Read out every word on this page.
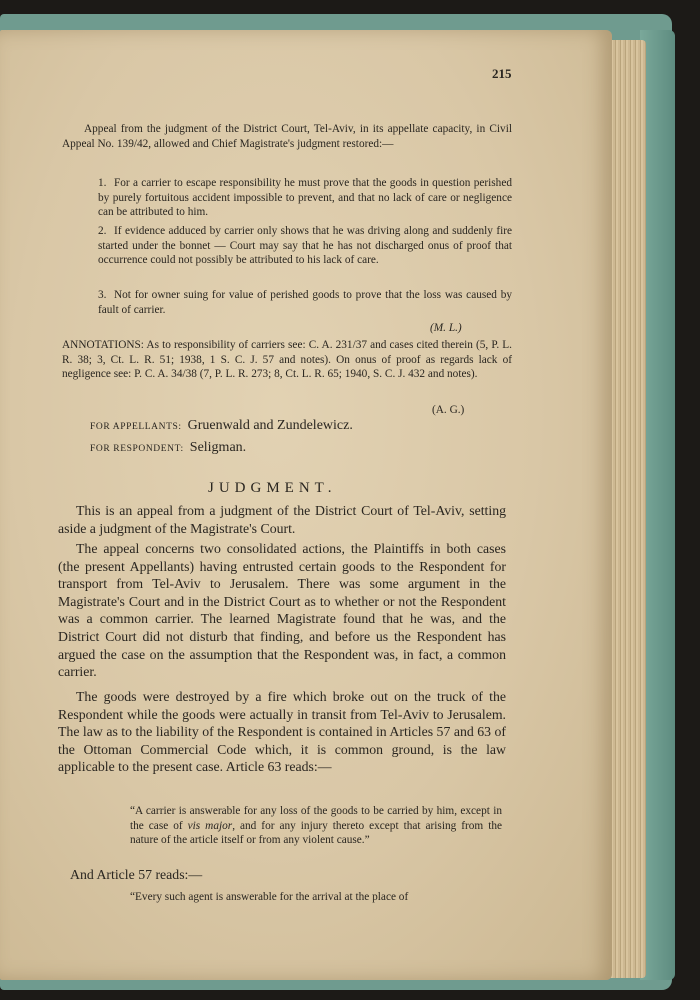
215
Appeal from the judgment of the District Court, Tel-Aviv, in its appellate capacity, in Civil Appeal No. 139/42, allowed and Chief Magistrate's judgment restored:—
1. For a carrier to escape responsibility he must prove that the goods in question perished by purely fortuitous accident impossible to prevent, and that no lack of care or negligence can be attributed to him.
2. If evidence adduced by carrier only shows that he was driving along and suddenly fire started under the bonnet — Court may say that he has not discharged onus of proof that occurrence could not possibly be attributed to his lack of care.
3. Not for owner suing for value of perished goods to prove that the loss was caused by fault of carrier.
(M. L.)
ANNOTATIONS: As to responsibility of carriers see: C. A. 231/37 and cases cited therein (5, P. L. R. 38; 3, Ct. L. R. 51; 1938, 1 S. C. J. 57 and notes). On onus of proof as regards lack of negligence see: P. C. A. 34/38 (7, P. L. R. 273; 8, Ct. L. R. 65; 1940, S. C. J. 432 and notes).
(A. G.)
FOR APPELLANTS: Gruenwald and Zundelewicz.
FOR RESPONDENT: Seligman.
JUDGMENT.
This is an appeal from a judgment of the District Court of Tel-Aviv, setting aside a judgment of the Magistrate's Court.
The appeal concerns two consolidated actions, the Plaintiffs in both cases (the present Appellants) having entrusted certain goods to the Respondent for transport from Tel-Aviv to Jerusalem. There was some argument in the Magistrate's Court and in the District Court as to whether or not the Respondent was a common carrier. The learned Magistrate found that he was, and the District Court did not disturb that finding, and before us the Respondent has argued the case on the assumption that the Respondent was, in fact, a common carrier.
The goods were destroyed by a fire which broke out on the truck of the Respondent while the goods were actually in transit from Tel-Aviv to Jerusalem. The law as to the liability of the Respondent is contained in Articles 57 and 63 of the Ottoman Commercial Code which, it is common ground, is the law applicable to the present case. Article 63 reads:—
“A carrier is answerable for any loss of the goods to be carried by him, except in the case of vis major, and for any injury thereto except that arising from the nature of the article itself or from any violent cause.”
And Article 57 reads:—
“Every such agent is answerable for the arrival at the place of
